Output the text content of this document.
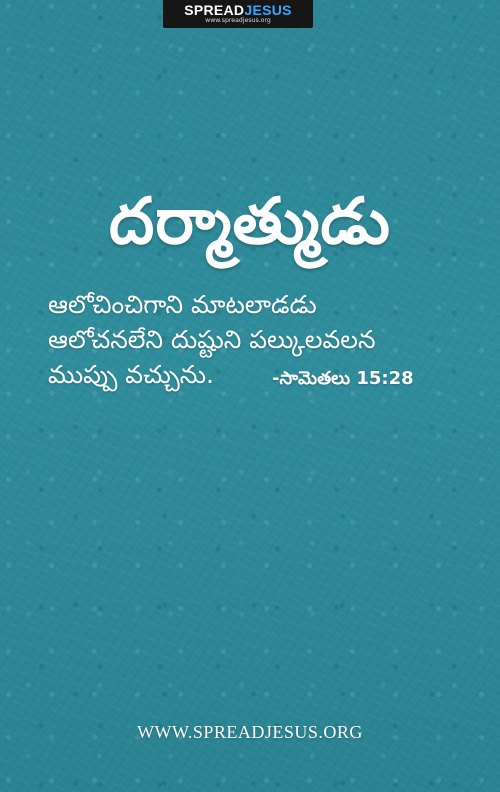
SPREADJESUS
www.spreadjesus.org
దర్మాత్ముడు
ఆలోచించిగాని మాటలాడడు
ఆలోచనలేని దుష్టుని పల్కులవలన
ముప్పు వచ్చును.	-సామెతలు 15:28
WWW.SPREADJESUS.ORG
